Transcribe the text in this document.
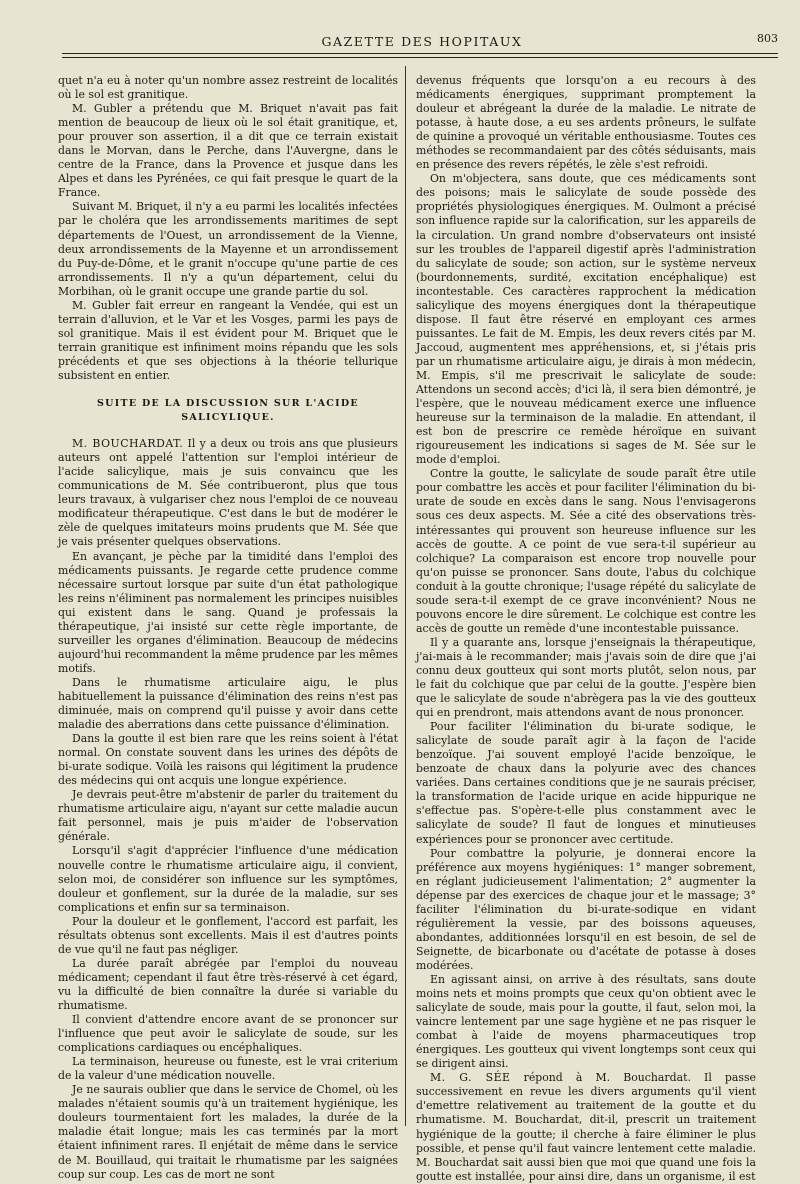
GAZETTE DES HOPITAUX	803

quet n'a eu à noter qu'un nombre assez restreint de localités où le sol est granitique.

M. Gubler a prétendu que M. Briquet n'avait pas fait mention de beaucoup de lieux où le sol était granitique, et, pour prouver son assertion, il a dit que ce terrain existait dans le Morvan, dans le Perche, dans l'Auvergne, dans le centre de la France, dans la Provence et jusque dans les Alpes et dans les Pyrénées, ce qui fait presque le quart de la France.

Suivant M. Briquet, il n'y a eu parmi les localités infectées par le choléra que les arrondissements maritimes de sept départements de l'Ouest, un arrondissement de la Vienne, deux arrondissements de la Mayenne et un arrondissement du Puy-de-Dôme, et le granit n'occupe qu'une partie de ces arrondissements. Il n'y a qu'un département, celui du Morbihan, où le granit occupe une grande partie du sol.

M. Gubler fait erreur en rangeant la Vendée, qui est un terrain d'alluvion, et le Var et les Vosges, parmi les pays de sol granitique. Mais il est évident pour M. Briquet que le terrain granitique est infiniment moins répandu que les sols précédents et que ses objections à la théorie tellurique subsistent en entier.

SUITE DE LA DISCUSSION SUR L'ACIDE SALICYLIQUE.

M. BOUCHARDAT. Il y a deux ou trois ans que plusieurs auteurs ont appelé l'attention sur l'emploi intérieur de l'acide salicylique, mais je suis convaincu que les communications de M. Sée contribueront, plus que tous leurs travaux, à vulgariser chez nous l'emploi de ce nouveau modificateur thérapeutique. C'est dans le but de modérer le zèle de quelques imitateurs moins prudents que M. Sée que je vais présenter quelques observations.

En avançant, je pèche par la timidité dans l'emploi des médicaments puissants. Je regarde cette prudence comme nécessaire surtout lorsque par suite d'un état pathologique les reins n'éliminent pas normalement les principes nuisibles qui existent dans le sang. Quand je professais la thérapeutique, j'ai insisté sur cette règle importante, de surveiller les organes d'élimination. Beaucoup de médecins aujourd'hui recommandent la même prudence par les mêmes motifs.

Dans le rhumatisme articulaire aigu, le plus habituellement la puissance d'élimination des reins n'est pas diminuée, mais on comprend qu'il puisse y avoir dans cette maladie des aberrations dans cette puissance d'élimination.

Dans la goutte il est bien rare que les reins soient à l'état normal. On constate souvent dans les urines des dépôts de bi-urate sodique. Voilà les raisons qui légitiment la prudence des médecins qui ont acquis une longue expérience.

Je devrais peut-être m'abstenir de parler du traitement du rhumatisme articulaire aigu, n'ayant sur cette maladie aucun fait personnel, mais je puis m'aider de l'observation générale.

Lorsqu'il s'agit d'apprécier l'influence d'une médication nouvelle contre le rhumatisme articulaire aigu, il convient, selon moi, de considérer son influence sur les symptômes, douleur et gonflement, sur la durée de la maladie, sur ses complications et enfin sur sa terminaison.

Pour la douleur et le gonflement, l'accord est parfait, les résultats obtenus sont excellents. Mais il est d'autres points de vue qu'il ne faut pas négliger.

La durée paraît abrégée par l'emploi du nouveau médicament; cependant il faut être très-réservé à cet égard, vu la difficulté de bien connaître la durée si variable du rhumatisme.

Il convient d'attendre encore avant de se prononcer sur l'influence que peut avoir le salicylate de soude, sur les complications cardiaques ou encéphaliques.

La terminaison, heureuse ou funeste, est le vrai criterium de la valeur d'une médication nouvelle.

Je ne saurais oublier que dans le service de Chomel, où les malades n'étaient soumis qu'à un traitement hygiénique, les douleurs tourmentaient fort les malades, la durée de la maladie était longue; mais les cas terminés par la mort étaient infiniment rares. Il enjétait de même dans le service de M. Bouillaud, qui traitait le rhumatisme par les saignées coup sur coup. Les cas de mort ne sont

devenus fréquents que lorsqu'on a eu recours à des médicaments énergiques, supprimant promptement la douleur et abrégeant la durée de la maladie. Le nitrate de potasse, à haute dose, a eu ses ardents prôneurs, le sulfate de quinine a provoqué un véritable enthousiasme. Toutes ces méthodes se recommandaient par des côtés séduisants, mais en présence des revers répétés, le zèle s'est refroidi.

On m'objectera, sans doute, que ces médicaments sont des poisons; mais le salicylate de soude possède des propriétés physiologiques énergiques. M. Oulmont a précisé son influence rapide sur la calorification, sur les appareils de la circulation. Un grand nombre d'observateurs ont insisté sur les troubles de l'appareil digestif après l'administration du salicylate de soude; son action, sur le système nerveux (bourdonnements, surdité, excitation encéphalique) est incontestable. Ces caractères rapprochent la médication salicylique des moyens énergiques dont la thérapeutique dispose. Il faut être réservé en employant ces armes puissantes. Le fait de M. Empis, les deux revers cités par M. Jaccoud, augmentent mes appréhensions, et, si j'étais pris par un rhumatisme articulaire aigu, je dirais à mon médecin, M. Empis, s'il me prescrivait le salicylate de soude: Attendons un second accès; d'ici là, il sera bien démontré, je l'espère, que le nouveau médicament exerce une influence heureuse sur la terminaison de la maladie. En attendant, il est bon de prescrire ce remède héroïque en suivant rigoureusement les indications si sages de M. Sée sur le mode d'emploi.

Contre la goutte, le salicylate de soude paraît être utile pour combattre les accès et pour faciliter l'élimination du bi-urate de soude en excès dans le sang. Nous l'envisagerons sous ces deux aspects. M. Sée a cité des observations très-intéressantes qui prouvent son heureuse influence sur les accès de goutte. A ce point de vue sera-t-il supérieur au colchique? La comparaison est encore trop nouvelle pour qu'on puisse se prononcer. Sans doute, l'abus du colchique conduit à la goutte chronique; l'usage répété du salicylate de soude sera-t-il exempt de ce grave inconvénient? Nous ne pouvons encore le dire sûrement. Le colchique est contre les accès de goutte un remède d'une incontestable puissance.

Il y a quarante ans, lorsque j'enseignais la thérapeutique, j'ai-mais à le recommander; mais j'avais soin de dire que j'ai connu deux goutteux qui sont morts plutôt, selon nous, par le fait du colchique que par celui de la goutte. J'espère bien que le salicylate de soude n'abrègera pas la vie des goutteux qui en prendront, mais attendons avant de nous prononcer.

Pour faciliter l'élimination du bi-urate sodique, le salicylate de soude paraît agir à la façon de l'acide benzoïque. J'ai souvent employé l'acide benzoïque, le benzoate de chaux dans la polyurie avec des chances variées. Dans certaines conditions que je ne saurais préciser, la transformation de l'acide urique en acide hippurique ne s'effectue pas. S'opère-t-elle plus constamment avec le salicylate de soude? Il faut de longues et minutieuses expériences pour se prononcer avec certitude.

Pour combattre la polyurie, je donnerai encore la préférence aux moyens hygiéniques: 1° manger sobrement, en réglant judicieusement l'alimentation; 2° augmenter la dépense par des exercices de chaque jour et le massage; 3° faciliter l'élimination du bi-urate-sodique en vidant régulièrement la vessie, par des boissons aqueuses, abondantes, additionnées lorsqu'il en est besoin, de sel de Seignette, de bicarbonate ou d'acétate de potasse à doses modérées.

En agissant ainsi, on arrive à des résultats, sans doute moins nets et moins prompts que ceux qu'on obtient avec le salicylate de soude, mais pour la goutte, il faut, selon moi, la vaincre lentement par une sage hygiène et ne pas risquer le combat à l'aide de moyens pharmaceutiques trop énergiques. Les goutteux qui vivent longtemps sont ceux qui se dirigent ainsi.

M. G. SÉE répond à M. Bouchardat. Il passe successivement en revue les divers arguments qu'il vient d'emettre relativement au traitement de la goutte et du rhumatisme. M. Bouchardat, dit-il, prescrit un traitement hygiénique de la goutte; il cherche à faire éliminer le plus possible, et pense qu'il faut vaincre lentement cette maladie. M. Bouchardat sait aussi bien que moi que quand une fois la goutte est installée, pour ainsi dire, dans un organisme, il est
